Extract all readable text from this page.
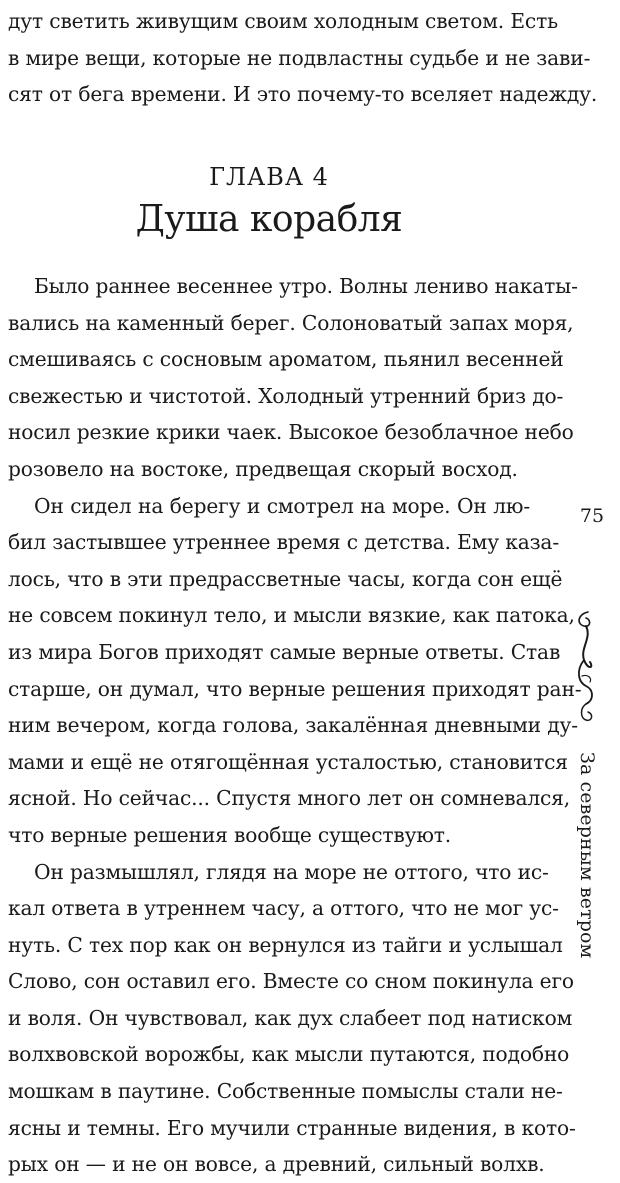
дут светить живущим своим холодным светом. Есть
в мире вещи, которые не подвластны судьбе и не зави-
сят от бега времени. И это почему-то вселяет надежду.
ГЛАВА 4
Душа корабля
Было раннее весеннее утро. Волны лениво накаты-
вались на каменный берег. Солоноватый запах моря,
смешиваясь с сосновым ароматом, пьянил весенней
свежестью и чистотой. Холодный утренний бриз до-
носил резкие крики чаек. Высокое безоблачное небо
розовело на востоке, предвещая скорый восход.
Он сидел на берегу и смотрел на море. Он лю-
бил застывшее утреннее время с детства. Ему каза-
лось, что в эти предрассветные часы, когда сон ещё
не совсем покинул тело, и мысли вязкие, как патока,
из мира Богов приходят самые верные ответы. Став
старше, он думал, что верные решения приходят ран-
ним вечером, когда голова, закалённая дневными ду-
мами и ещё не отягощённая усталостью, становится
ясной. Но сейчас... Спустя много лет он сомневался,
что верные решения вообще существуют.
Он размышлял, глядя на море не оттого, что ис-
кал ответа в утреннем часу, а оттого, что не мог ус-
нуть. С тех пор как он вернулся из тайги и услышал
Слово, сон оставил его. Вместе со сном покинула его
и воля. Он чувствовал, как дух слабеет под натиском
волхвовской ворожбы, как мысли путаются, подобно
мошкам в паутине. Собственные помыслы стали не-
ясны и темны. Его мучили странные видения, в кото-
рых он — и не он вовсе, а древний, сильный волхв.
75
За северным ветром
